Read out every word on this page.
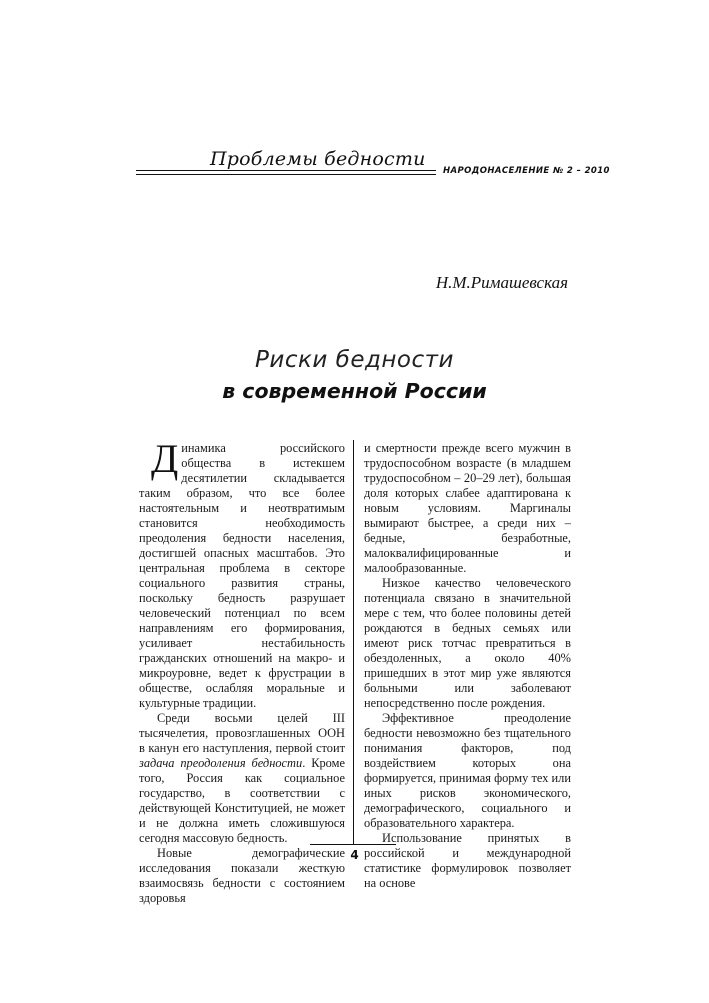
Проблемы бедности
НАРОДОНАСЕЛЕНИЕ № 2 – 2010
Н.М.Римашевская
Риски бедности
в современной России

Динамика российского общества в истекшем десятилетии складывается таким образом, что все более настоятельным и неотвратимым становится необходимость преодоления бедности населения, достигшей опасных масштабов. Это центральная проблема в секторе социального развития страны, поскольку бедность разрушает человеческий потенциал по всем направлениям его формирования, усиливает нестабильность гражданских отношений на макро- и микроуровне, ведет к фрустрации в обществе, ослабляя моральные и культурные традиции.

Среди восьми целей III тысячелетия, провозглашенных ООН в канун его наступления, первой стоит задача преодоления бедности. Кроме того, Россия как социальное государство, в соответствии с действующей Конституцией, не может и не должна иметь сложившуюся сегодня массовую бедность.

Новые демографические исследования показали жесткую взаимосвязь бедности с состоянием здоровья

и смертности прежде всего мужчин в трудоспособном возрасте (в младшем трудоспособном – 20–29 лет), большая доля которых слабее адаптирована к новым условиям. Маргиналы вымирают быстрее, а среди них – бедные, безработные, малоквалифицированные и малообразованные.

Низкое качество человеческого потенциала связано в значительной мере с тем, что более половины детей рождаются в бедных семьях или имеют риск тотчас превратиться в обездоленных, а около 40% пришедших в этот мир уже являются больными или заболевают непосредственно после рождения.

Эффективное преодоление бедности невозможно без тщательного понимания факторов, под воздействием которых она формируется, принимая форму тех или иных рисков экономического, демографического, социального и образовательного характера.

Использование принятых в российской и международной статистике формулировок позволяет на основе

4
